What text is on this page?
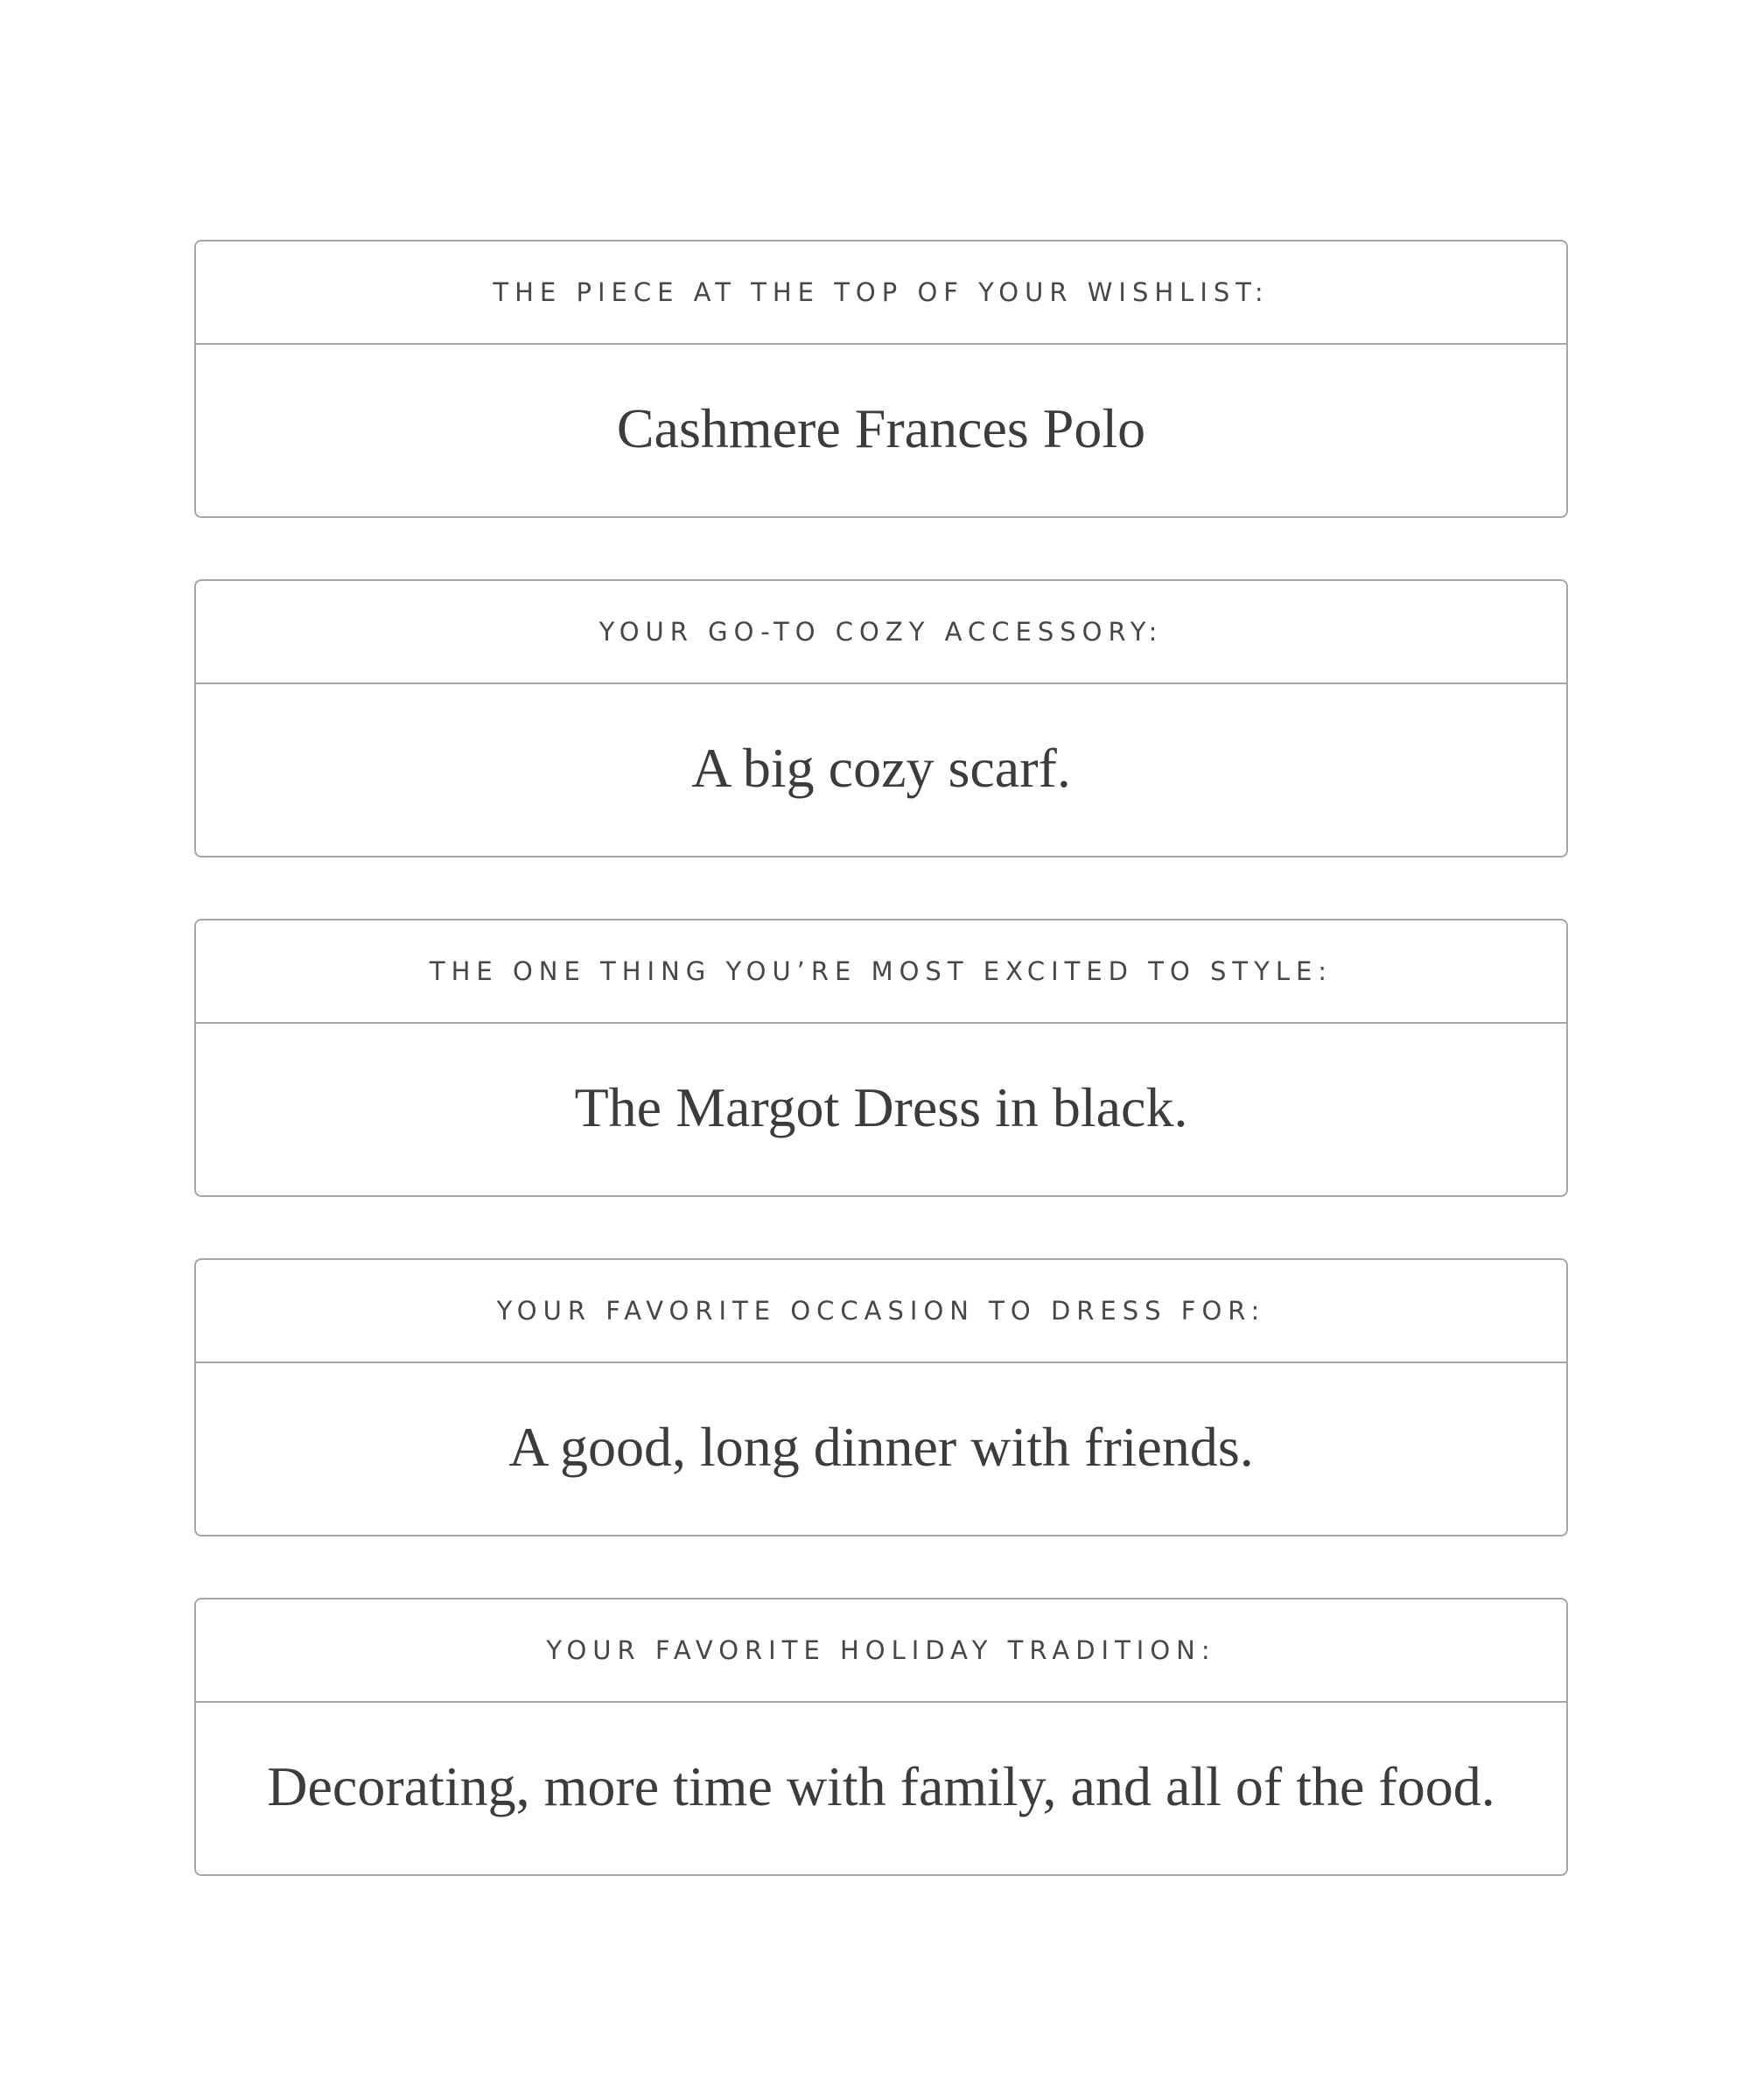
THE PIECE AT THE TOP OF YOUR WISHLIST:
Cashmere Frances Polo
YOUR GO-TO COZY ACCESSORY:
A big cozy scarf.
THE ONE THING YOU’RE MOST EXCITED TO STYLE:
The Margot Dress in black.
YOUR FAVORITE OCCASION TO DRESS FOR:
A good, long dinner with friends.
YOUR FAVORITE HOLIDAY TRADITION:
Decorating, more time with family, and all of the food.
